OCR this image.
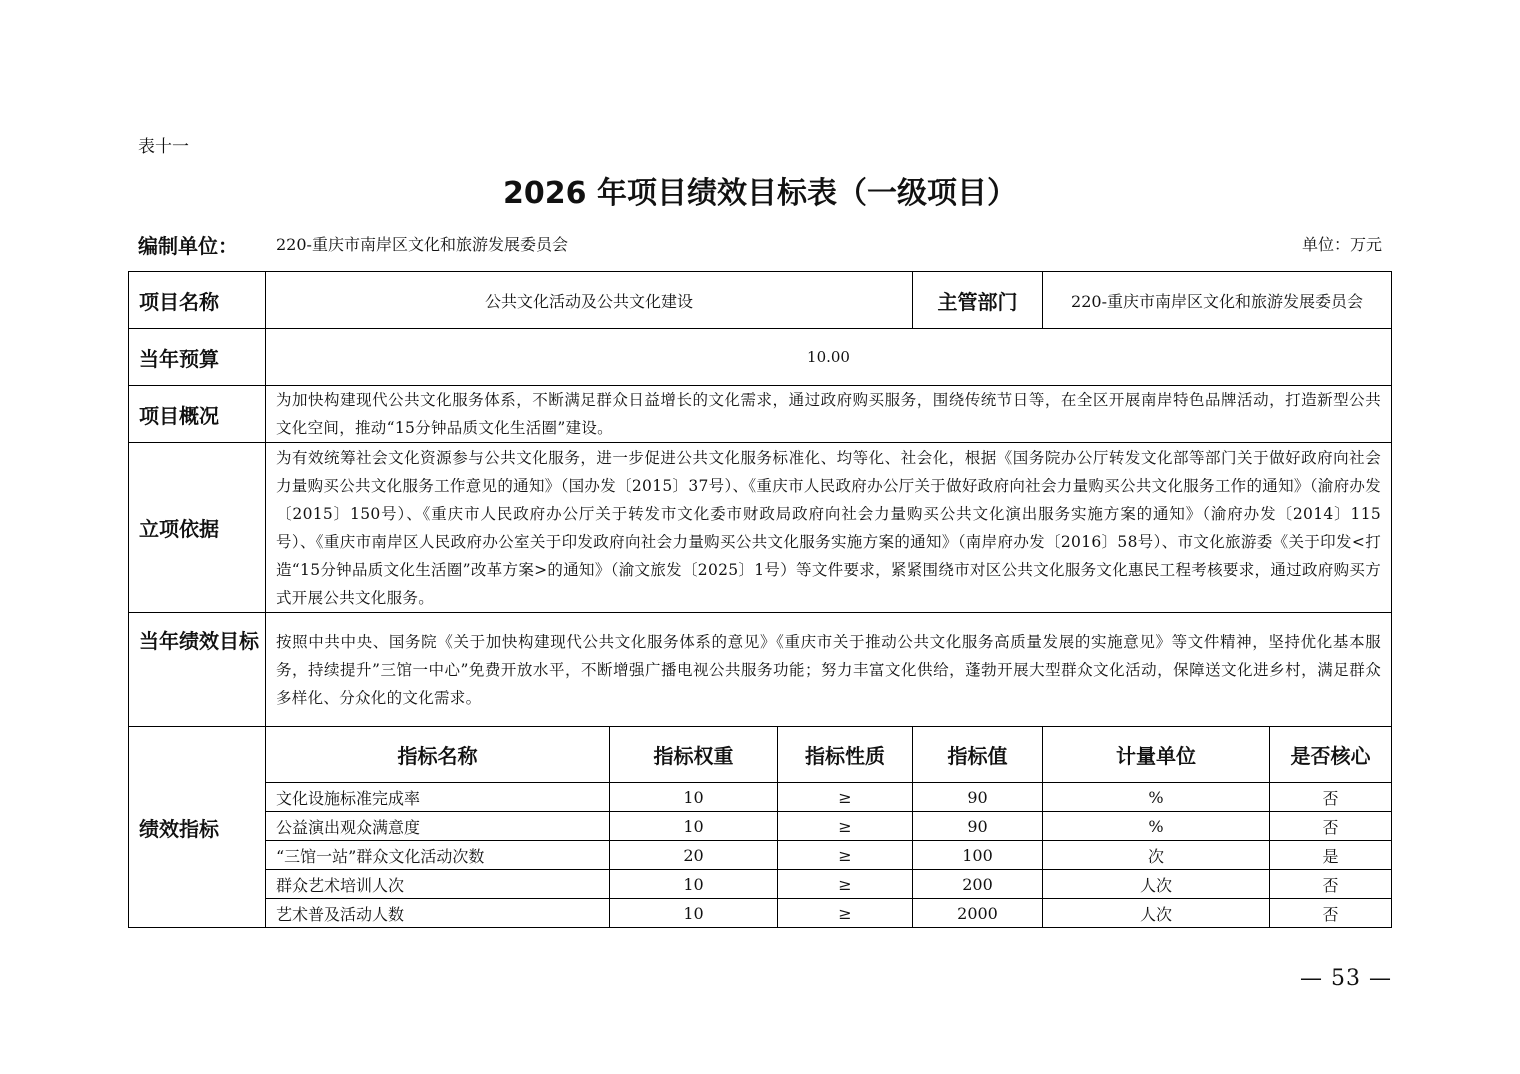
表十一
2026 年项目绩效目标表（一级项目）
编制单位： 220-重庆市南岸区文化和旅游发展委员会	单位：万元
项目名称	公共文化活动及公共文化建设			主管部门	220-重庆市南岸区文化和旅游发展委员会	
当年预算	10.00					
项目概况	为加快构建现代公共文化服务体系，不断满足群众日益增长的文化需求，通过政府购买服务，围绕传统节日等，在全区开展南岸特色品牌活动，打造新型公共文化空间，推动“15分钟品质文化生活圈”建设。					
立项依据	为有效统筹社会文化资源参与公共文化服务，进一步促进公共文化服务标准化、均等化、社会化，根据《国务院办公厅转发文化部等部门关于做好政府向社会力量购买公共文化服务工作意见的通知》（国办发〔2015〕37号）、《重庆市人民政府办公厅关于做好政府向社会力量购买公共文化服务工作的通知》（渝府办发〔2015〕150号）、《重庆市人民政府办公厅关于转发市文化委市财政局政府向社会力量购买公共文化演出服务实施方案的通知》（渝府办发〔2014〕115号）、《重庆市南岸区人民政府办公室关于印发政府向社会力量购买公共文化服务实施方案的通知》（南岸府办发〔2016〕58号）、市文化旅游委《关于印发<打造“15分钟品质文化生活圈”改革方案>的通知》（渝文旅发〔2025〕1号）等文件要求，紧紧围绕市对区公共文化服务文化惠民工程考核要求，通过政府购买方式开展公共文化服务。					
当年绩效目标	按照中共中央、国务院《关于加快构建现代公共文化服务体系的意见》《重庆市关于推动公共文化服务高质量发展的实施意见》等文件精神，坚持优化基本服务，持续提升”三馆一中心”免费开放水平，不断增强广播电视公共服务功能；努力丰富文化供给，蓬勃开展大型群众文化活动，保障送文化进乡村，满足群众多样化、分众化的文化需求。					
绩效指标	指标名称	指标权重	指标性质	指标值	计量单位	是否核心
	文化设施标准完成率	10	≥	90	%	否
	公益演出观众满意度	10	≥	90	%	否
	“三馆一站”群众文化活动次数	20	≥	100	次	是
	群众艺术培训人次	10	≥	200	人次	否
	艺术普及活动人数	10	≥	2000	人次	否
— 53 —
